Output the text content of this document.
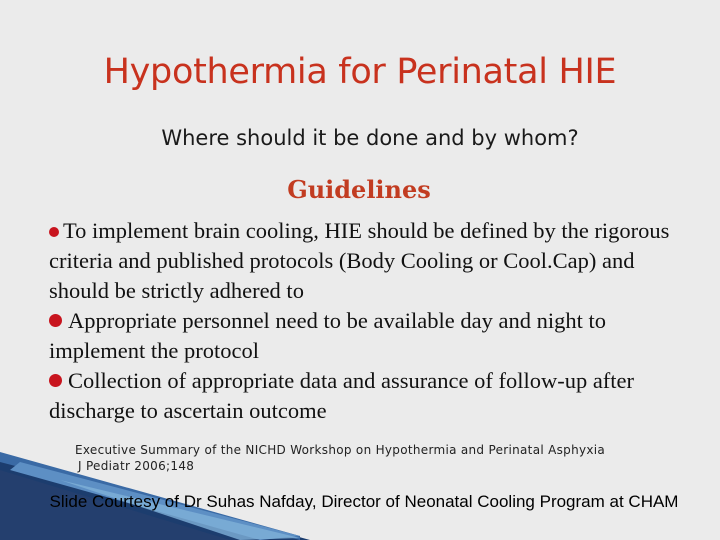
Hypothermia for Perinatal HIE
Where should it be done and by whom?
Guidelines

To implement brain cooling, HIE should be defined by the rigorous criteria and published protocols (Body Cooling or Cool.Cap) and should be strictly adhered to

Appropriate personnel need to be available day and night to implement the protocol

Collection of appropriate data and assurance of follow-up after discharge to ascertain outcome

Executive Summary of the NICHD Workshop on Hypothermia and Perinatal Asphyxia
J Pediatr 2006;148
Slide Courtesy of Dr Suhas Nafday, Director of Neonatal Cooling Program at CHAM
